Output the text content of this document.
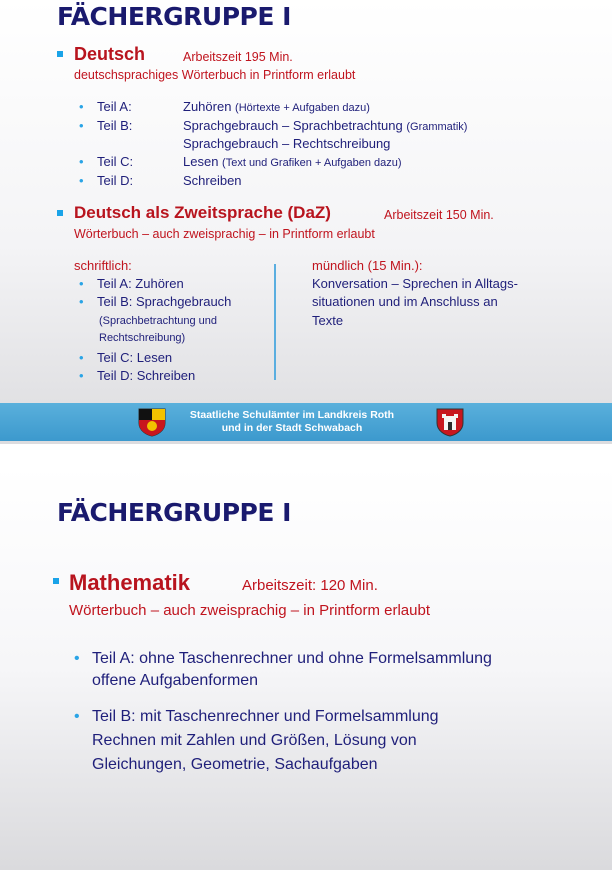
FÄCHERGRUPPE I
Deutsch	Arbeitszeit 195 Min.
deutschsprachiges Wörterbuch in Printform erlaubt
• Teil A:	Zuhören (Hörtexte + Aufgaben dazu)
• Teil B:	Sprachgebrauch – Sprachbetrachtung (Grammatik)
Sprachgebrauch – Rechtschreibung
• Teil C:	Lesen (Text und Grafiken + Aufgaben dazu)
• Teil D:	Schreiben
Deutsch als Zweitsprache (DaZ)	Arbeitszeit 150 Min.
Wörterbuch – auch zweisprachig – in Printform erlaubt
schriftlich:
• Teil A: Zuhören
• Teil B: Sprachgebrauch
(Sprachbetrachtung und
Rechtschreibung)
• Teil C: Lesen
• Teil D: Schreiben
mündlich (15 Min.):
Konversation – Sprechen in Alltags-
situationen und im Anschluss an
Texte
Staatliche Schulämter im Landkreis Roth
und in der Stadt Schwabach
FÄCHERGRUPPE I
Mathematik	Arbeitszeit: 120 Min.
Wörterbuch – auch zweisprachig – in Printform erlaubt
• Teil A: ohne Taschenrechner und ohne Formelsammlung
offene Aufgabenformen
• Teil B: mit Taschenrechner und Formelsammlung
Rechnen mit Zahlen und Größen, Lösung von
Gleichungen, Geometrie, Sachaufgaben
